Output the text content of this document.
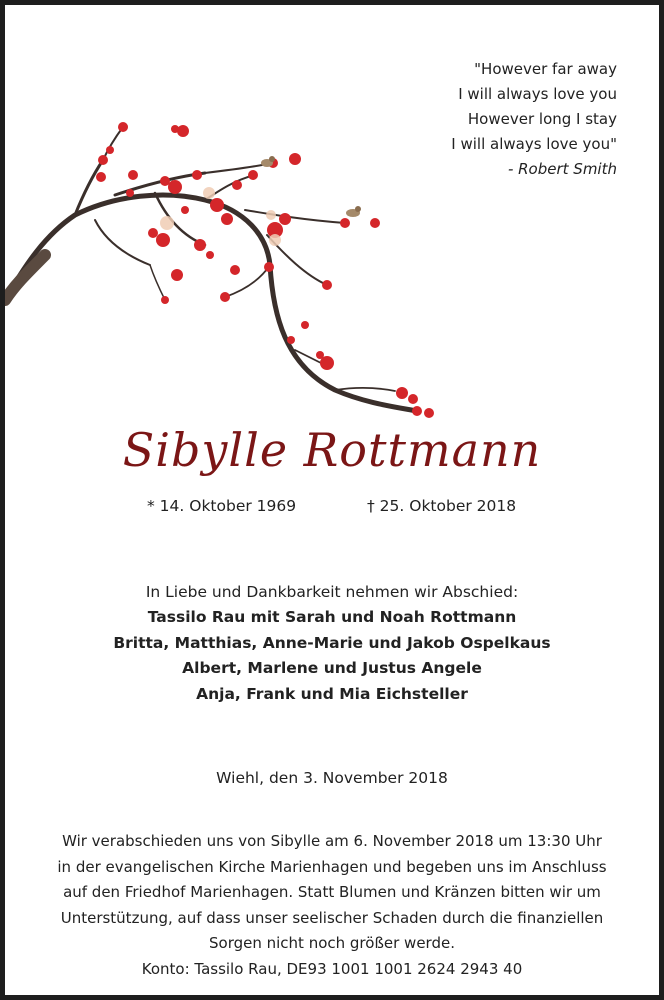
"However far away
I will always love you
However long I stay
I will always love you"
- Robert Smith
Sibylle Rottmann
* 14. Oktober 1969	† 25. Oktober 2018
In Liebe und Dankbarkeit nehmen wir Abschied:
Tassilo Rau mit Sarah und Noah Rottmann
Britta, Matthias, Anne-Marie und Jakob Ospelkaus
Albert, Marlene und Justus Angele
Anja, Frank und Mia Eichsteller
Wiehl, den 3. November 2018
Wir verabschieden uns von Sibylle am 6. November 2018 um 13:30 Uhr
in der evangelischen Kirche Marienhagen und begeben uns im Anschluss
auf den Friedhof Marienhagen. Statt Blumen und Kränzen bitten wir um
Unterstützung, auf dass unser seelischer Schaden durch die finanziellen
Sorgen nicht noch größer werde.
Konto: Tassilo Rau, DE93 1001 1001 2624 2943 40
